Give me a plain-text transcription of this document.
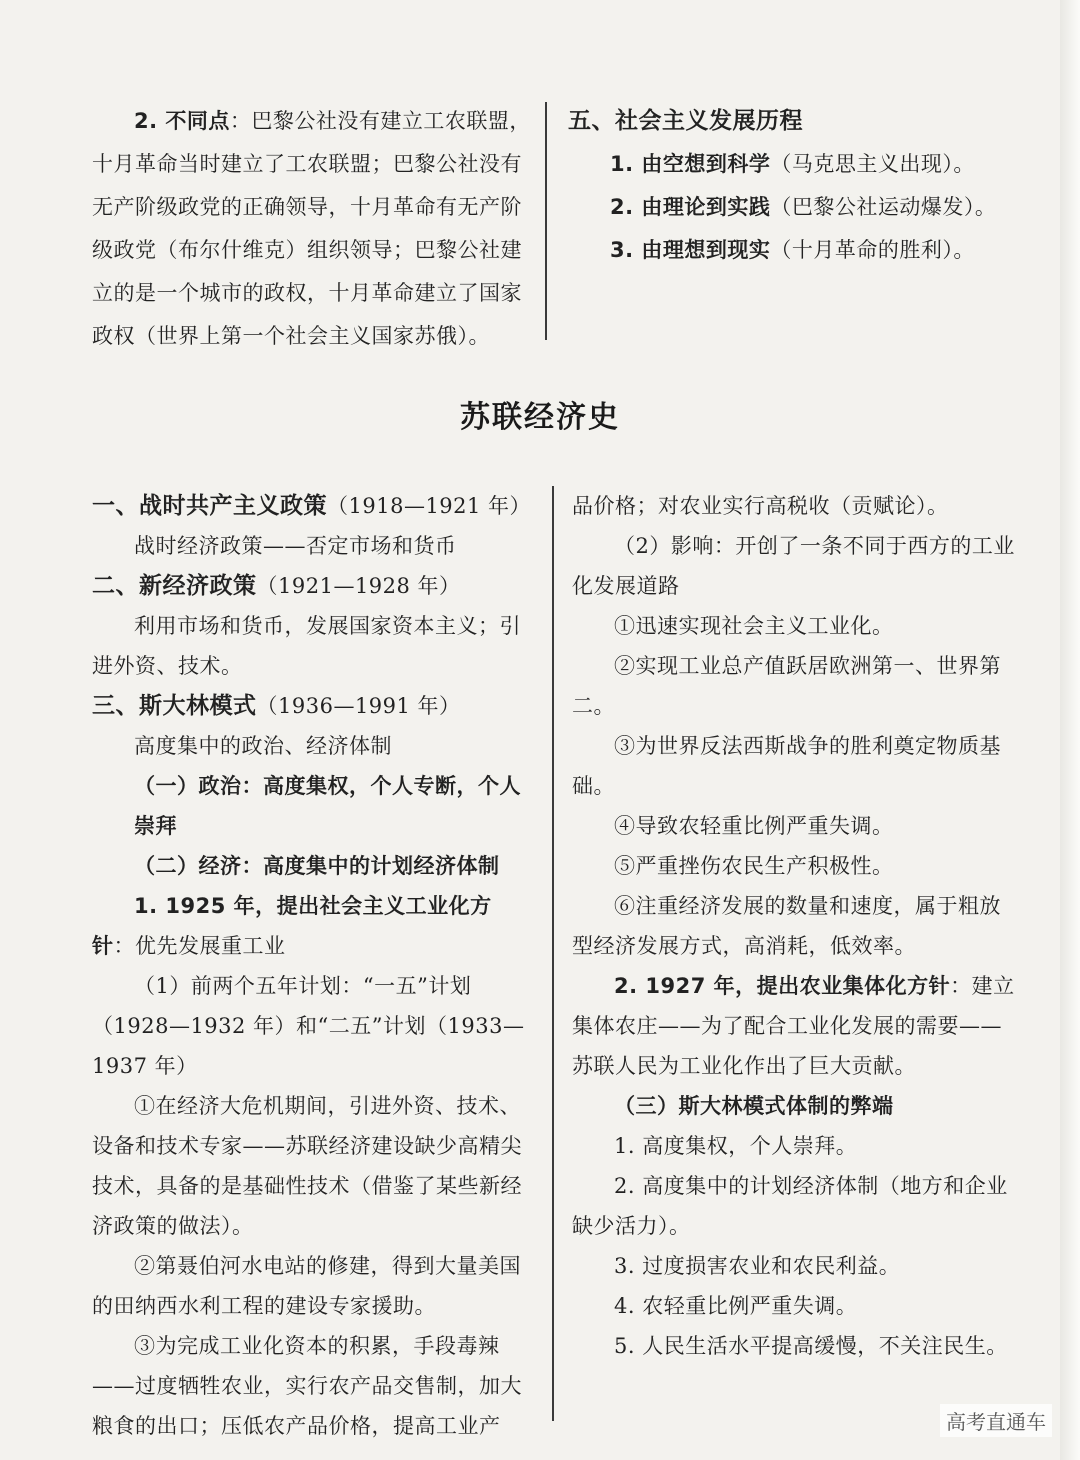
2. 不同点：巴黎公社没有建立工农联盟，十月革命当时建立了工农联盟；巴黎公社没有无产阶级政党的正确领导，十月革命有无产阶级政党（布尔什维克）组织领导；巴黎公社建立的是一个城市的政权，十月革命建立了国家政权（世界上第一个社会主义国家苏俄）。

五、社会主义发展历程

1. 由空想到科学（马克思主义出现）。

2. 由理论到实践（巴黎公社运动爆发）。

3. 由理想到现实（十月革命的胜利）。

苏联经济史

一、战时共产主义政策（1918—1921 年）

战时经济政策——否定市场和货币

二、新经济政策（1921—1928 年）

利用市场和货币，发展国家资本主义；引进外资、技术。

三、斯大林模式（1936—1991 年）

高度集中的政治、经济体制

（一）政治：高度集权，个人专断，个人崇拜

（二）经济：高度集中的计划经济体制

1. 1925 年，提出社会主义工业化方针：优先发展重工业

（1）前两个五年计划：“一五”计划（1928—1932 年）和“二五”计划（1933—1937 年）

①在经济大危机期间，引进外资、技术、设备和技术专家——苏联经济建设缺少高精尖技术，具备的是基础性技术（借鉴了某些新经济政策的做法）。

②第聂伯河水电站的修建，得到大量美国的田纳西水利工程的建设专家援助。

③为完成工业化资本的积累，手段毒辣——过度牺牲农业，实行农产品交售制，加大粮食的出口；压低农产品价格，提高工业产

品价格；对农业实行高税收（贡赋论）。

（2）影响：开创了一条不同于西方的工业化发展道路

①迅速实现社会主义工业化。

②实现工业总产值跃居欧洲第一、世界第二。

③为世界反法西斯战争的胜利奠定物质基础。

④导致农轻重比例严重失调。

⑤严重挫伤农民生产积极性。

⑥注重经济发展的数量和速度，属于粗放型经济发展方式，高消耗，低效率。

2. 1927 年，提出农业集体化方针：建立集体农庄——为了配合工业化发展的需要——苏联人民为工业化作出了巨大贡献。

（三）斯大林模式体制的弊端

1. 高度集权，个人崇拜。

2. 高度集中的计划经济体制（地方和企业缺少活力）。

3. 过度损害农业和农民利益。

4. 农轻重比例严重失调。

5. 人民生活水平提高缓慢，不关注民生。

高考直通车
